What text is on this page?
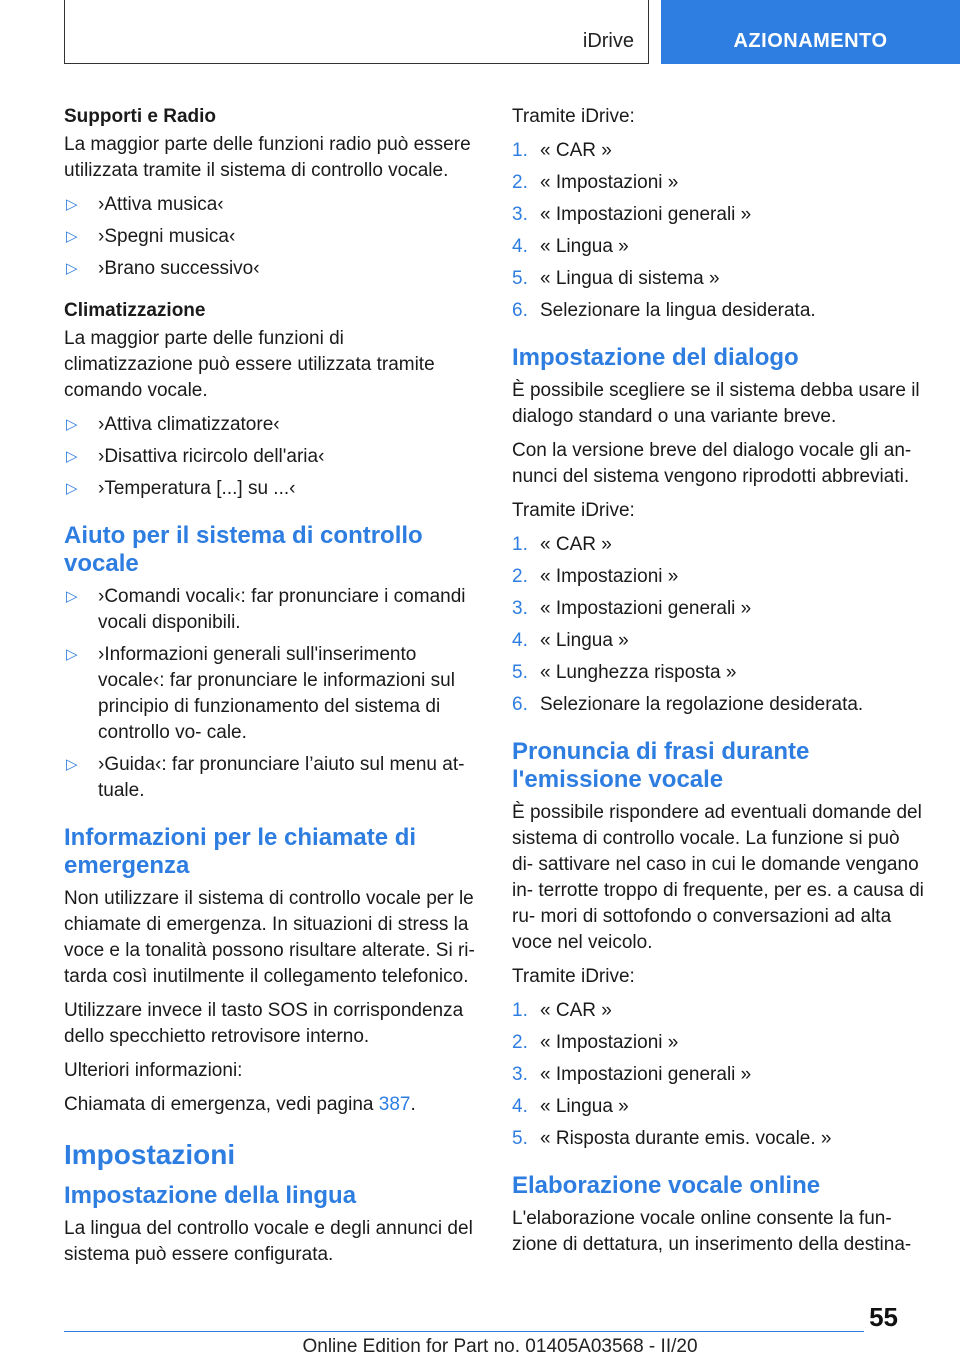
iDrive	AZIONAMENTO
Supporti e Radio

La maggior parte delle funzioni radio può essere utilizzata tramite il sistema di controllo vocale.

▷ ›Attiva musica‹
▷ ›Spegni musica‹
▷ ›Brano successivo‹
Climatizzazione

La maggior parte delle funzioni di climatizzazione può essere utilizzata tramite comando vocale.

▷ ›Attiva climatizzatore‹
▷ ›Disattiva ricircolo dell'aria‹
▷ ›Temperatura [...] su ...‹
Aiuto per il sistema di controllo vocale
▷ ›Comandi vocali‹: far pronunciare i comandi vocali disponibili.
▷ ›Informazioni generali sull'inserimento vocale‹: far pronunciare le informazioni sul principio di funzionamento del sistema di controllo vo‑ cale.
▷ ›Guida‹: far pronunciare l’aiuto sul menu at‑ tuale.
Informazioni per le chiamate di emergenza

Non utilizzare il sistema di controllo vocale per le chiamate di emergenza. In situazioni di stress la voce e la tonalità possono risultare alterate. Si ri‑ tarda così inutilmente il collegamento telefonico.

Utilizzare invece il tasto SOS in corrispondenza dello specchietto retrovisore interno.

Ulteriori informazioni:

Chiamata di emergenza, vedi pagina 387.

Impostazioni
Impostazione della lingua

La lingua del controllo vocale e degli annunci del sistema può essere configurata.

Tramite iDrive:

1. « CAR »
2. « Impostazioni »
3. « Impostazioni generali »
4. « Lingua »
5. « Lingua di sistema »
6. Selezionare la lingua desiderata.
Impostazione del dialogo

È possibile scegliere se il sistema debba usare il dialogo standard o una variante breve.

Con la versione breve del dialogo vocale gli an‑ nunci del sistema vengono riprodotti abbreviati.

Tramite iDrive:

1. « CAR »
2. « Impostazioni »
3. « Impostazioni generali »
4. « Lingua »
5. « Lunghezza risposta »
6. Selezionare la regolazione desiderata.
Pronuncia di frasi durante l'emissione vocale

È possibile rispondere ad eventuali domande del sistema di controllo vocale. La funzione si può di‑ sattivare nel caso in cui le domande vengano in‑ terrotte troppo di frequente, per es. a causa di ru‑ mori di sottofondo o conversazioni ad alta voce nel veicolo.

Tramite iDrive:

1. « CAR »
2. « Impostazioni »
3. « Impostazioni generali »
4. « Lingua »
5. « Risposta durante emis. vocale. »
Elaborazione vocale online

L'elaborazione vocale online consente la fun‑ zione di dettatura, un inserimento della destina‑

55
Online Edition for Part no. 01405A03568 - II/20
